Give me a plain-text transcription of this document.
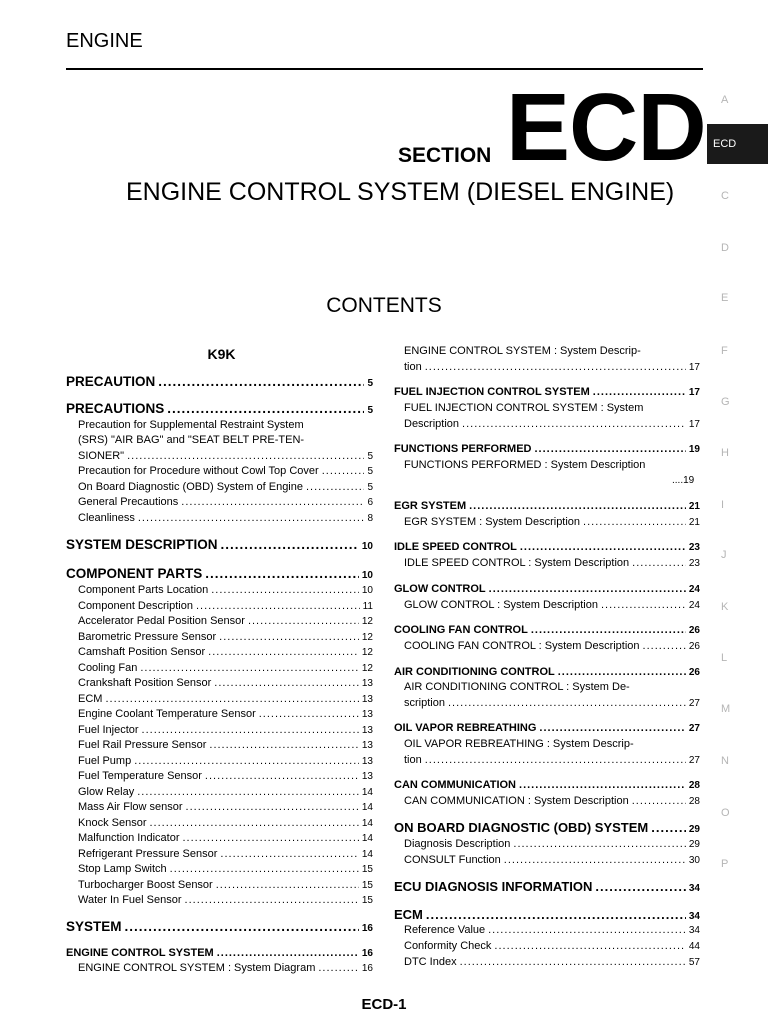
ENGINE
SECTION ECD
ENGINE CONTROL SYSTEM (DIESEL ENGINE)
CONTENTS
A
ECD
C
D
E
F
G
H
I
J
K
L
M
N
O
P
K9K
PRECAUTION .....	5
PRECAUTIONS .....	5
Precaution for Supplemental Restraint System
(SRS) "AIR BAG" and "SEAT BELT PRE-TEN-
SIONER" .....	5
Precaution for Procedure without Cowl Top Cover .....	5
On Board Diagnostic (OBD) System of Engine .....	5
General Precautions .....	6
Cleanliness .....	8
SYSTEM DESCRIPTION .....	10
COMPONENT PARTS .....	10
Component Parts Location .....	10
Component Description .....	11
Accelerator Pedal Position Sensor .....	12
Barometric Pressure Sensor .....	12
Camshaft Position Sensor .....	12
Cooling Fan .....	12
Crankshaft Position Sensor .....	13
ECM .....	13
Engine Coolant Temperature Sensor .....	13
Fuel Injector .....	13
Fuel Rail Pressure Sensor .....	13
Fuel Pump .....	13
Fuel Temperature Sensor .....	13
Glow Relay .....	14
Mass Air Flow sensor .....	14
Knock Sensor .....	14
Malfunction Indicator .....	14
Refrigerant Pressure Sensor .....	14
Stop Lamp Switch .....	15
Turbocharger Boost Sensor .....	15
Water In Fuel Sensor .....	15
SYSTEM .....	16
ENGINE CONTROL SYSTEM .....	16
ENGINE CONTROL SYSTEM : System Diagram .....	16
ENGINE CONTROL SYSTEM : System Descrip-
tion .....	17
FUEL INJECTION CONTROL SYSTEM .....	17
FUEL INJECTION CONTROL SYSTEM : System
Description .....	17
FUNCTIONS PERFORMED .....	19
FUNCTIONS PERFORMED : System Description
....19
EGR SYSTEM .....	21
EGR SYSTEM : System Description .....	21
IDLE SPEED CONTROL .....	23
IDLE SPEED CONTROL : System Description .....	23
GLOW CONTROL .....	24
GLOW CONTROL : System Description .....	24
COOLING FAN CONTROL .....	26
COOLING FAN CONTROL : System Description .....	26
AIR CONDITIONING CONTROL .....	26
AIR CONDITIONING CONTROL : System De-
scription .....	27
OIL VAPOR REBREATHING .....	27
OIL VAPOR REBREATHING : System Descrip-
tion .....	27
CAN COMMUNICATION .....	28
CAN COMMUNICATION : System Description .....	28
ON BOARD DIAGNOSTIC (OBD) SYSTEM .....	29
Diagnosis Description .....	29
CONSULT Function .....	30
ECU DIAGNOSIS INFORMATION .....	34
ECM .....	34
Reference Value .....	34
Conformity Check .....	44
DTC Index .....	57
ECD-1
